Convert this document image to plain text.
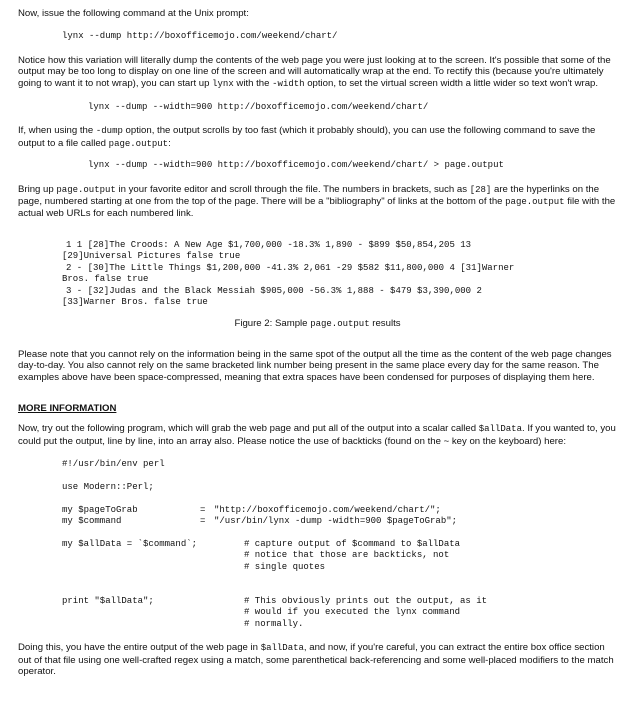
Now, issue the following command at the Unix prompt:

lynx --dump http://boxofficemojo.com/weekend/chart/

Notice how this variation will literally dump the contents of the web page you were just looking at to the screen. It's possible that some of the output may be too long to display on one line of the screen and will automatically wrap at the end. To rectify this (because you're ultimately going to want it to not wrap), you can start up lynx with the -width option, to set the virtual screen width a little wider so text won't wrap.

lynx --dump --width=900 http://boxofficemojo.com/weekend/chart/

If, when using the -dump option, the output scrolls by too fast (which it probably should), you can use the following command to save the output to a file called page.output:

lynx --dump --width=900 http://boxofficemojo.com/weekend/chart/ > page.output

Bring up page.output in your favorite editor and scroll through the file. The numbers in brackets, such as [28] are the hyperlinks on the page, numbered starting at one from the top of the page. There will be a "bibliography" of links at the bottom of the page.output file with the actual web URLs for each numbered link.

1 1 [28]The Croods: A New Age $1,700,000 -18.3% 1,890 - $899 $50,854,205 13
[29]Universal Pictures false true
2 - [30]The Little Things $1,200,000 -41.3% 2,061 -29 $582 $11,800,000 4 [31]Warner
Bros. false true
3 - [32]Judas and the Black Messiah $905,000 -56.3% 1,888 - $479 $3,390,000 2
[33]Warner Bros. false true

Figure 2: Sample page.output results

Please note that you cannot rely on the information being in the same spot of the output all the time as the content of the web page changes day-to-day. You also cannot rely on the same bracketed link number being present in the same place every day for the same reason. The examples above have been space-compressed, meaning that extra spaces have been condensed for purposes of displaying them here.

MORE INFORMATION

Now, try out the following program, which will grab the web page and put all of the output into a scalar called $allData. If you wanted to, you could put the output, line by line, into an array also. Please notice the use of backticks (found on the ~ key on the keyboard) here:

#!/usr/bin/env perl
use Modern::Perl;
my $pageToGrab	= "http://boxofficemojo.com/weekend/chart/";
my $command	= "/usr/bin/lynx -dump -width=900 $pageToGrab";
my $allData = `$command`;	# capture output of $command to $allData
# notice that those are backticks, not
# single quotes
print "$allData";	# This obviously prints out the output, as it
# would if you executed the lynx command
# normally.

Doing this, you have the entire output of the web page in $allData, and now, if you're careful, you can extract the entire box office section out of that file using one well-crafted regex using a match, some parenthetical back-referencing and some well-placed modifiers to the match operator.
